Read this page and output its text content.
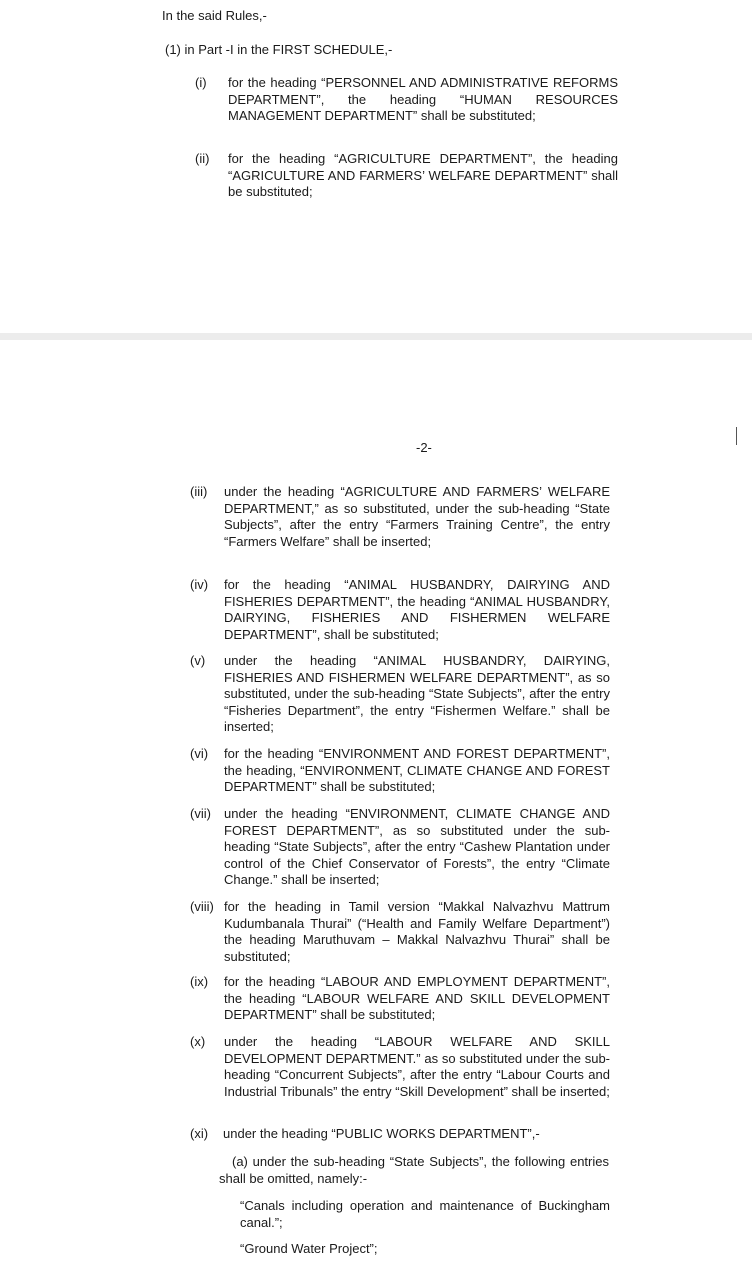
In the said Rules,-
(1) in Part -I in the FIRST SCHEDULE,-
(i) for the heading “PERSONNEL AND ADMINISTRATIVE REFORMS DEPARTMENT”, the heading “HUMAN RESOURCES MANAGEMENT DEPARTMENT” shall be substituted;
(ii) for the heading “AGRICULTURE DEPARTMENT”, the heading “AGRICULTURE AND FARMERS’ WELFARE DEPARTMENT” shall be substituted;
-2-
(iii) under the heading “AGRICULTURE AND FARMERS’ WELFARE DEPARTMENT,” as so substituted, under the sub-heading “State Subjects”, after the entry “Farmers Training Centre”, the entry “Farmers Welfare” shall be inserted;
(iv) for the heading “ANIMAL HUSBANDRY, DAIRYING AND FISHERIES DEPARTMENT”, the heading “ANIMAL HUSBANDRY, DAIRYING, FISHERIES AND FISHERMEN WELFARE DEPARTMENT”, shall be substituted;
(v) under the heading “ANIMAL HUSBANDRY, DAIRYING, FISHERIES AND FISHERMEN WELFARE DEPARTMENT”, as so substituted, under the sub-heading “State Subjects”, after the entry “Fisheries Department”, the entry “Fishermen Welfare.” shall be inserted;
(vi) for the heading “ENVIRONMENT AND FOREST DEPARTMENT”, the heading, “ENVIRONMENT, CLIMATE CHANGE AND FOREST DEPARTMENT” shall be substituted;
(vii) under the heading “ENVIRONMENT, CLIMATE CHANGE AND FOREST DEPARTMENT”, as so substituted under the sub-heading “State Subjects”, after the entry “Cashew Plantation under control of the Chief Conservator of Forests”, the entry “Climate Change.” shall be inserted;
(viii) for the heading in Tamil version “Makkal Nalvazhvu Mattrum Kudumbanala Thurai” (“Health and Family Welfare Department”) the heading Maruthuvam – Makkal Nalvazhvu Thurai” shall be substituted;
(ix) for the heading “LABOUR AND EMPLOYMENT DEPARTMENT”, the heading “LABOUR WELFARE AND SKILL DEVELOPMENT DEPARTMENT” shall be substituted;
(x) under the heading “LABOUR WELFARE AND SKILL DEVELOPMENT DEPARTMENT.” as so substituted under the sub-heading “Concurrent Subjects”, after the entry “Labour Courts and Industrial Tribunals” the entry “Skill Development” shall be inserted;
(xi) under the heading “PUBLIC WORKS DEPARTMENT”,-
(a) under the sub-heading “State Subjects”, the following entries shall be omitted, namely:-
“Canals including operation and maintenance of Buckingham canal.”;
“Ground Water Project”;
